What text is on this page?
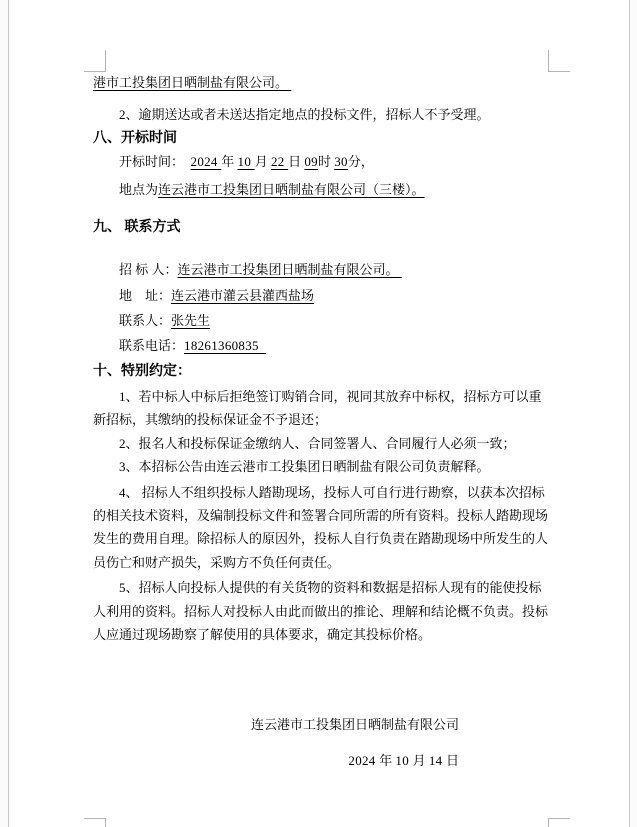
港市工投集团日晒制盐有限公司。
2、逾期送达或者未送达指定地点的投标文件，招标人不予受理。
八、开标时间
开标时间：  2024 年 10 月 22 日 09时 30分，
地点为连云港市工投集团日晒制盐有限公司（三楼）。
九、 联系方式
招 标 人：连云港市工投集团日晒制盐有限公司。
地    址：连云港市灌云县灌西盐场
联系人：张先生
联系电话：18261360835
十、特别约定：
1、若中标人中标后拒绝签订购销合同，视同其放弃中标权，招标方可以重
新招标，其缴纳的投标保证金不予退还；
2、报名人和投标保证金缴纳人、合同签署人、合同履行人必须一致；
3、本招标公告由连云港市工投集团日晒制盐有限公司负责解释。
4、 招标人不组织投标人踏勘现场，投标人可自行进行勘察，以获本次招标
的相关技术资料，及编制投标文件和签署合同所需的所有资料。投标人踏勘现场
发生的费用自理。除招标人的原因外，投标人自行负责在踏勘现场中所发生的人
员伤亡和财产损失，采购方不负任何责任。
5、招标人向投标人提供的有关货物的资料和数据是招标人现有的能使投标
人利用的资料。招标人对投标人由此而做出的推论、理解和结论概不负责。投标
人应通过现场勘察了解使用的具体要求，确定其投标价格。
连云港市工投集团日晒制盐有限公司
2024 年 10 月 14 日
